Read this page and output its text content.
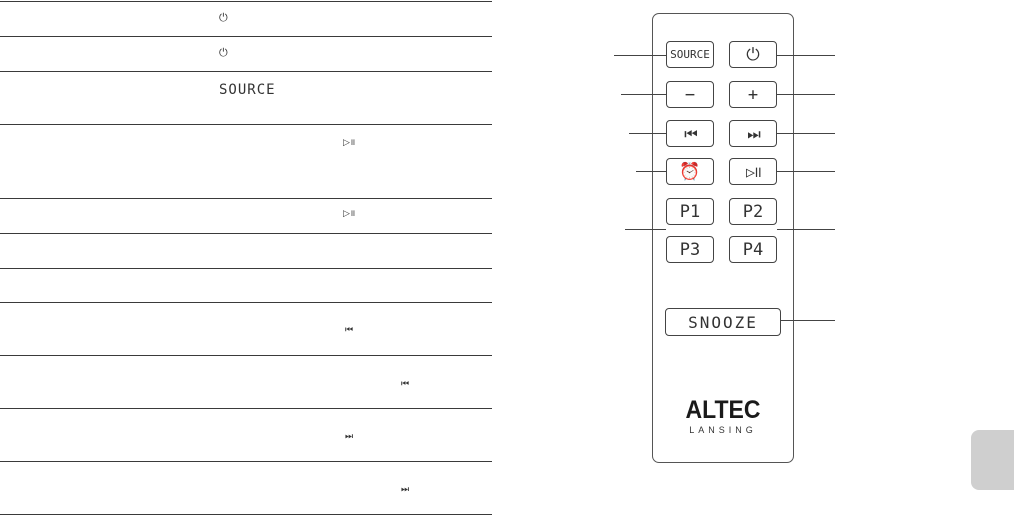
⏻
⏻
SOURCE
▷॥
▷॥
⏮
⏮
⏭
⏭
SOURCE	⏻
−	+
⏮	⏭
⏰	▷॥
P1	P2
P3	P4
SNOOZE
ALTEC
LANSING
